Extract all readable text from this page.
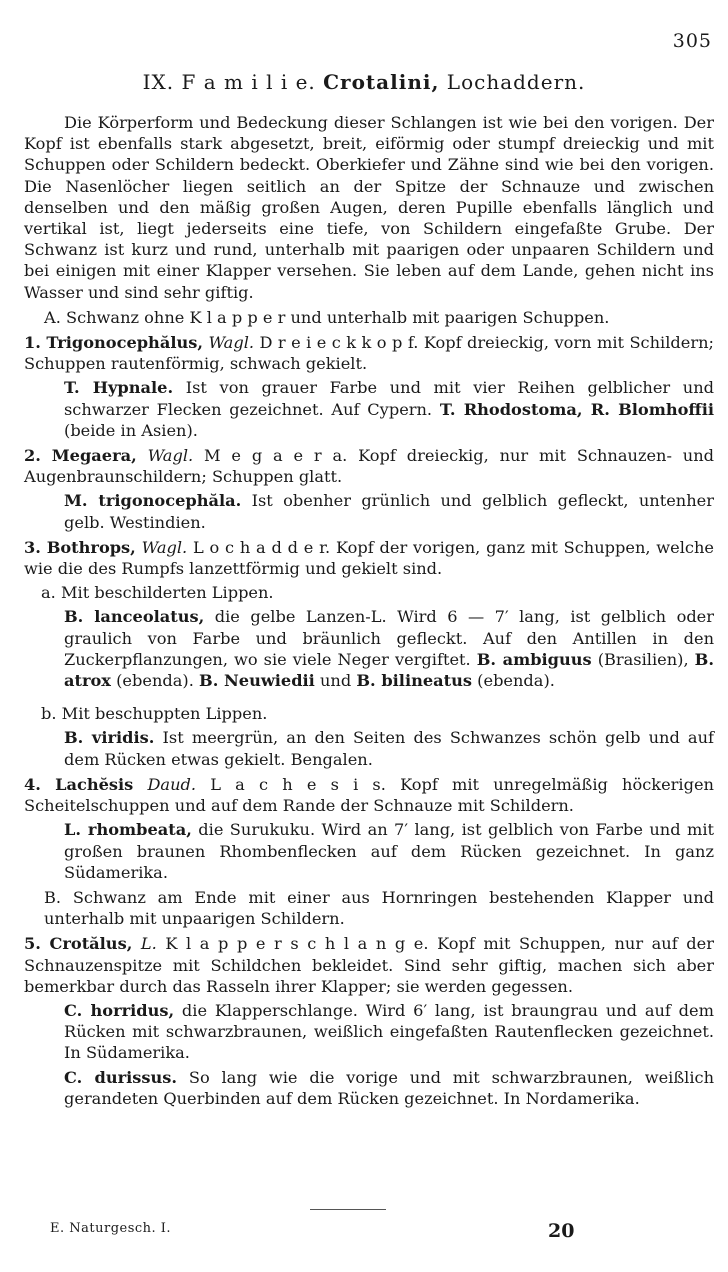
305
IX. F a m i l i e. Crotalini, Lochaddern.

Die Körperform und Bedeckung dieser Schlangen ist wie bei den vorigen. Der Kopf ist ebenfalls stark abgesetzt, breit, eiförmig oder stumpf dreieckig und mit Schuppen oder Schildern bedeckt. Oberkiefer und Zähne sind wie bei den vorigen. Die Nasenlöcher liegen seitlich an der Spitze der Schnauze und zwischen denselben und den mäßig großen Augen, deren Pupille ebenfalls länglich und vertikal ist, liegt jederseits eine tiefe, von Schildern eingefaßte Grube. Der Schwanz ist kurz und rund, unterhalb mit paarigen oder unpaaren Schildern und bei einigen mit einer Klapper versehen. Sie leben auf dem Lande, gehen nicht ins Wasser und sind sehr giftig.

A. Schwanz ohne K l a p p e r und unterhalb mit paarigen Schuppen.

1. Trigonocephălus, Wagl. D r e i e c k k o p f. Kopf dreieckig, vorn mit Schildern; Schuppen rautenförmig, schwach gekielt.

T. Hypnale. Ist von grauer Farbe und mit vier Reihen gelblicher und schwarzer Flecken gezeichnet. Auf Cypern. T. Rhodostoma, R. Blomhoffii (beide in Asien).

2. Megaera, Wagl. M e g a e r a. Kopf dreieckig, nur mit Schnauzen- und Augenbraunschildern; Schuppen glatt.

M. trigonocephăla. Ist obenher grünlich und gelblich gefleckt, untenher gelb. Westindien.

3. Bothrops, Wagl. L o c h a d d e r. Kopf der vorigen, ganz mit Schuppen, welche wie die des Rumpfs lanzettförmig und gekielt sind.

a. Mit beschilderten Lippen.

B. lanceolatus, die gelbe Lanzen-L. Wird 6 — 7′ lang, ist gelblich oder graulich von Farbe und bräunlich gefleckt. Auf den Antillen in den Zuckerpflanzungen, wo sie viele Neger vergiftet. B. ambiguus (Brasilien), B. atrox (ebenda). B. Neuwiedii und B. bilineatus (ebenda).

b. Mit beschuppten Lippen.

B. viridis. Ist meergrün, an den Seiten des Schwanzes schön gelb und auf dem Rücken etwas gekielt. Bengalen.

4. Lachĕsis Daud. L a c h e s i s. Kopf mit unregelmäßig höckerigen Scheitelschuppen und auf dem Rande der Schnauze mit Schildern.

L. rhombeata, die Surukuku. Wird an 7′ lang, ist gelblich von Farbe und mit großen braunen Rhombenflecken auf dem Rücken gezeichnet. In ganz Südamerika.

B. Schwanz am Ende mit einer aus Hornringen bestehenden Klapper und unterhalb mit unpaarigen Schildern.

5. Crotălus, L. K l a p p e r s c h l a n g e. Kopf mit Schuppen, nur auf der Schnauzenspitze mit Schildchen bekleidet. Sind sehr giftig, machen sich aber bemerkbar durch das Rasseln ihrer Klapper; sie werden gegessen.

C. horridus, die Klapperschlange. Wird 6′ lang, ist braungrau und auf dem Rücken mit schwarzbraunen, weißlich eingefaßten Rautenflecken gezeichnet. In Südamerika.

C. durissus. So lang wie die vorige und mit schwarzbraunen, weißlich gerandeten Querbinden auf dem Rücken gezeichnet. In Nordamerika.

E. Naturgesch. I.	20
